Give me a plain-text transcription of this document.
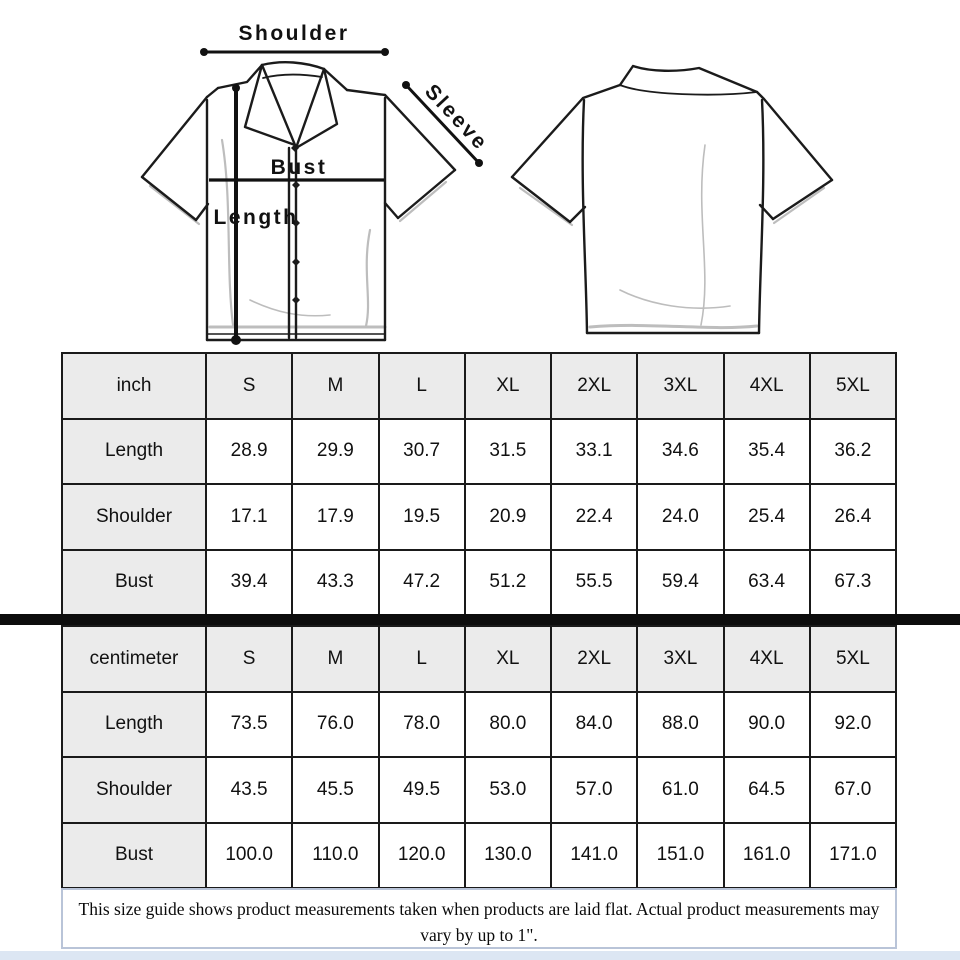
Shoulder
Sleeve
Bust
Length
inch	S	M	L	XL	2XL	3XL	4XL	5XL
Length	28.9	29.9	30.7	31.5	33.1	34.6	35.4	36.2
Shoulder	17.1	17.9	19.5	20.9	22.4	24.0	25.4	26.4
Bust	39.4	43.3	47.2	51.2	55.5	59.4	63.4	67.3
centimeter	S	M	L	XL	2XL	3XL	4XL	5XL
Length	73.5	76.0	78.0	80.0	84.0	88.0	90.0	92.0
Shoulder	43.5	45.5	49.5	53.0	57.0	61.0	64.5	67.0
Bust	100.0	110.0	120.0	130.0	141.0	151.0	161.0	171.0
This size guide shows product measurements taken when products are laid flat. Actual product measurements may vary by up to 1".
